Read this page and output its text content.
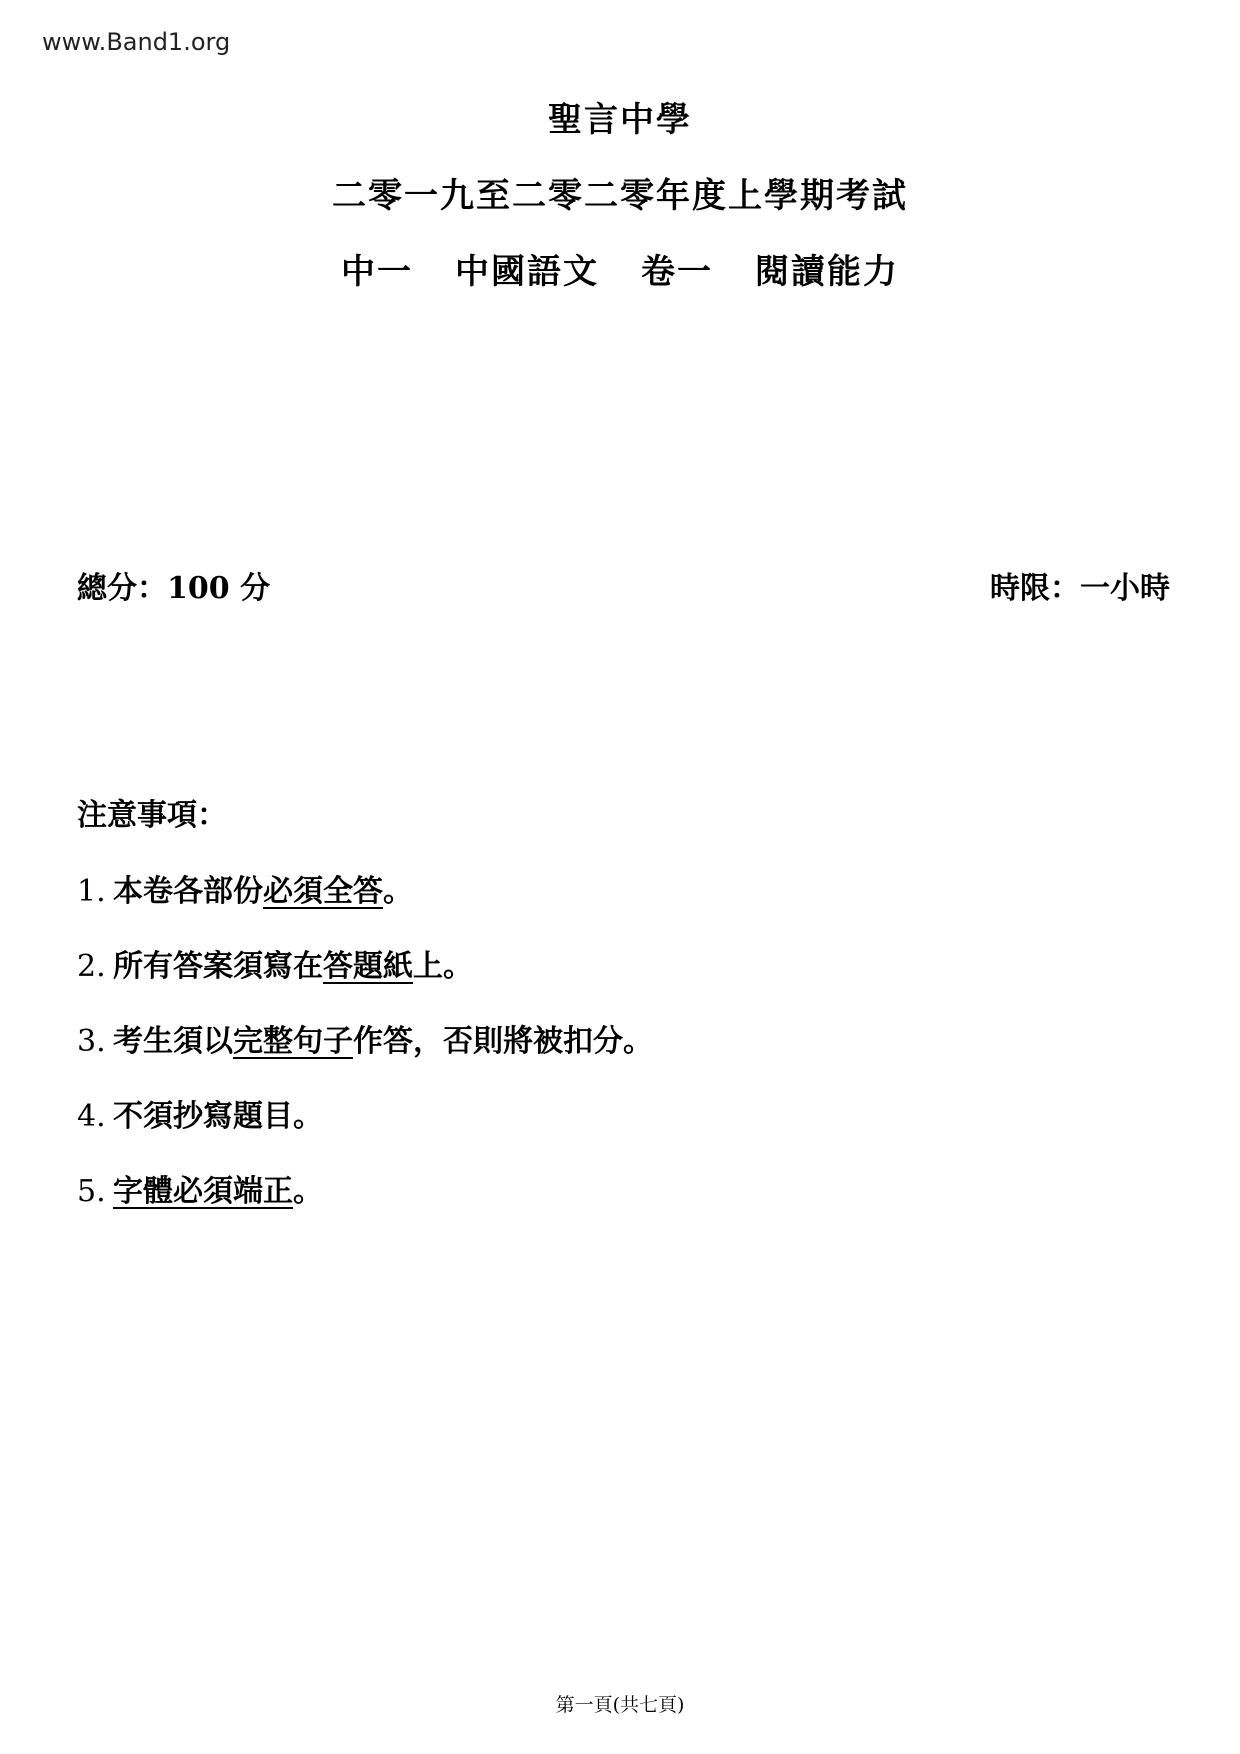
www.Band1.org
聖言中學
二零一九至二零二零年度上學期考試
中一 中國語文 卷一 閱讀能力
總分：100 分	時限：一小時
注意事項：
1. 本卷各部份必須全答。
2. 所有答案須寫在答題紙上。
3. 考生須以完整句子作答，否則將被扣分。
4. 不須抄寫題目。
5. 字體必須端正。
第一頁(共七頁)
